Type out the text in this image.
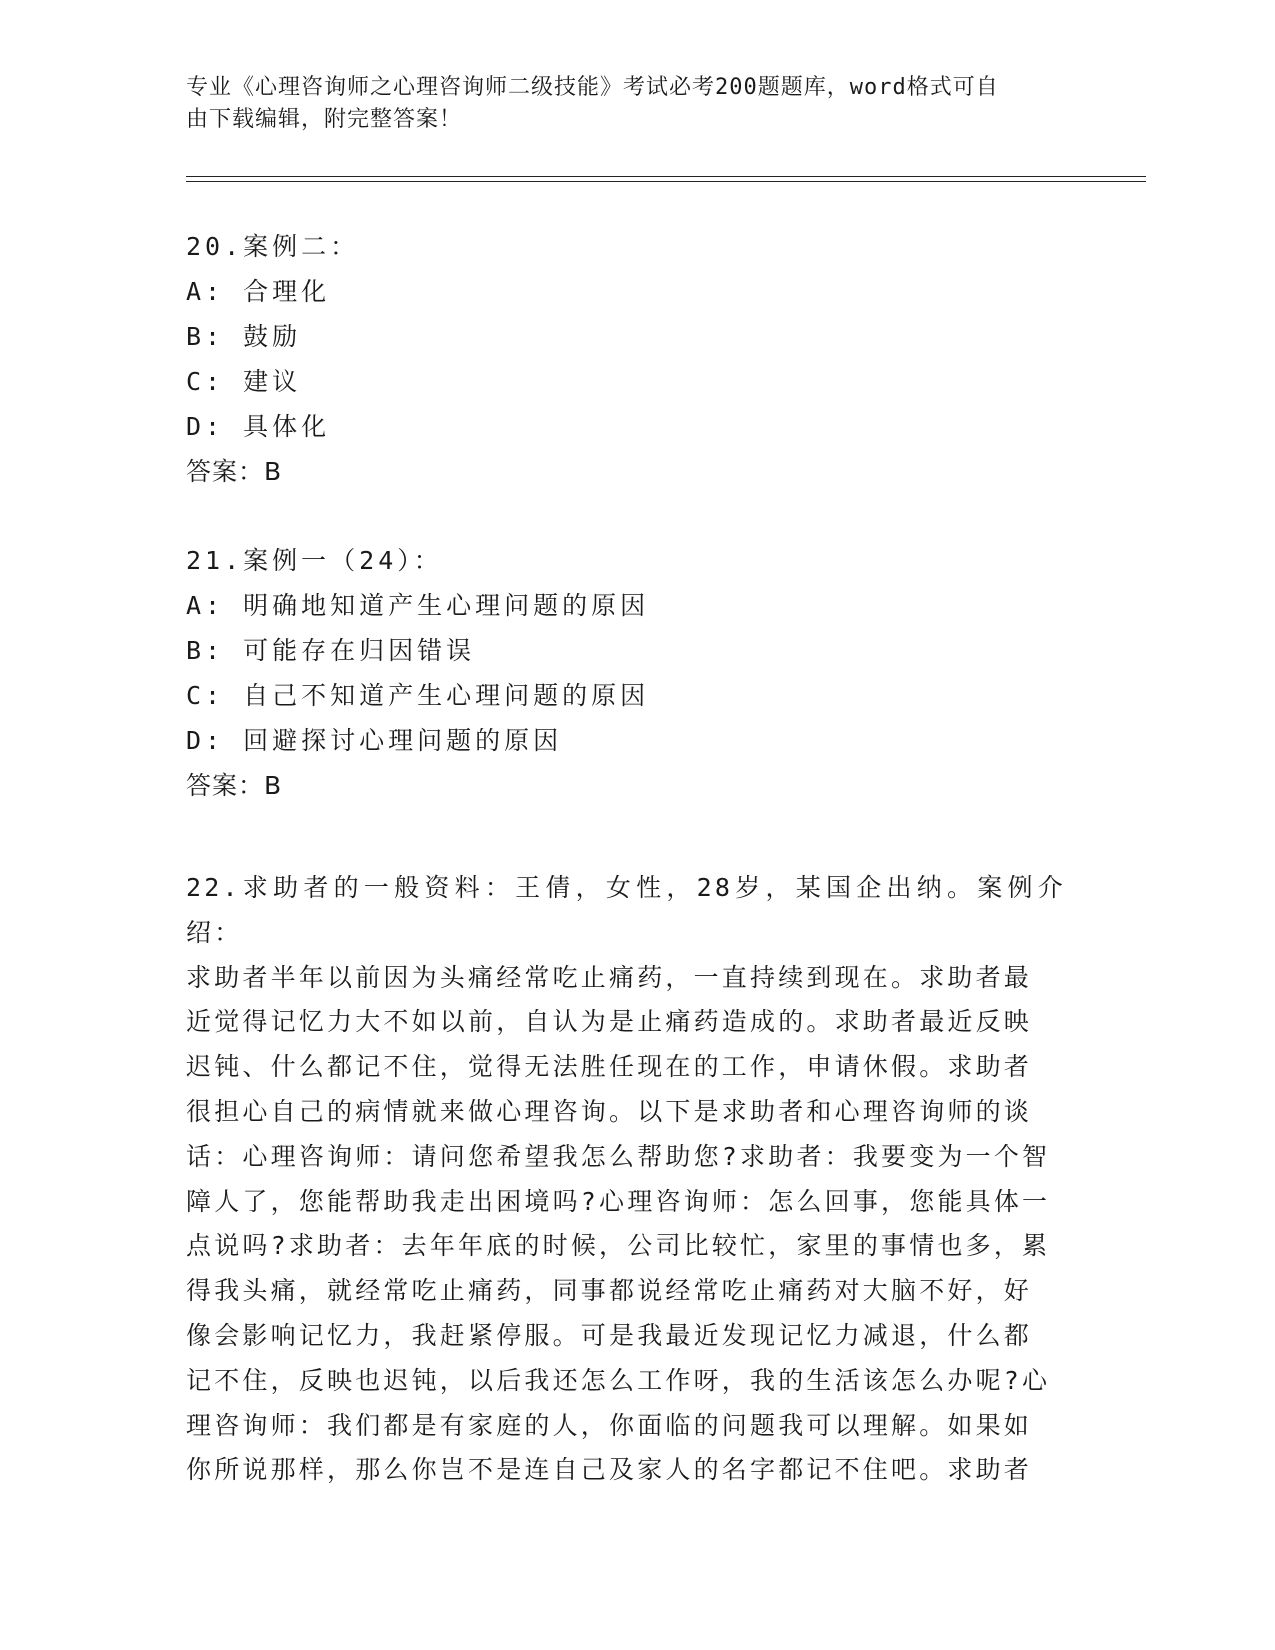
专业《心理咨询师之心理咨询师二级技能》考试必考200题题库，word格式可自
由下载编辑，附完整答案！
20.案例二：
A: 合理化
B: 鼓励
C: 建议
D: 具体化
答案：B
21.案例一（24）：
A: 明确地知道产生心理问题的原因
B: 可能存在归因错误
C: 自己不知道产生心理问题的原因
D: 回避探讨心理问题的原因
答案：B
22.求助者的一般资料：王倩，女性，28岁，某国企出纳。案例介绍：
求助者半年以前因为头痛经常吃止痛药，一直持续到现在。求助者最
近觉得记忆力大不如以前，自认为是止痛药造成的。求助者最近反映
迟钝、什么都记不住，觉得无法胜任现在的工作，申请休假。求助者
很担心自己的病情就来做心理咨询。以下是求助者和心理咨询师的谈
话：心理咨询师：请问您希望我怎么帮助您?求助者：我要变为一个智
障人了，您能帮助我走出困境吗?心理咨询师：怎么回事，您能具体一
点说吗?求助者：去年年底的时候，公司比较忙，家里的事情也多，累
得我头痛，就经常吃止痛药，同事都说经常吃止痛药对大脑不好，好
像会影响记忆力，我赶紧停服。可是我最近发现记忆力减退，什么都
记不住，反映也迟钝，以后我还怎么工作呀，我的生活该怎么办呢?心
理咨询师：我们都是有家庭的人，你面临的问题我可以理解。如果如
你所说那样，那么你岂不是连自己及家人的名字都记不住吧。求助者
